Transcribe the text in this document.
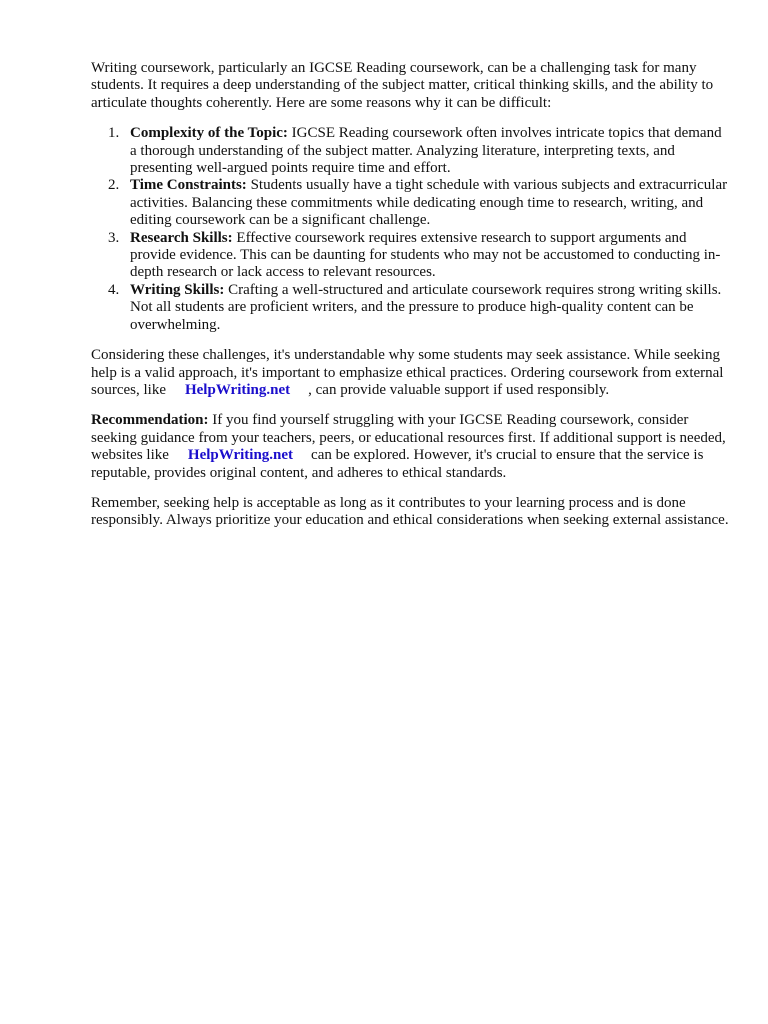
Writing coursework, particularly an IGCSE Reading coursework, can be a challenging task for many students. It requires a deep understanding of the subject matter, critical thinking skills, and the ability to articulate thoughts coherently. Here are some reasons why it can be difficult:

1. Complexity of the Topic: IGCSE Reading coursework often involves intricate topics that demand a thorough understanding of the subject matter. Analyzing literature, interpreting texts, and presenting well-argued points require time and effort.
2. Time Constraints: Students usually have a tight schedule with various subjects and extracurricular activities. Balancing these commitments while dedicating enough time to research, writing, and editing coursework can be a significant challenge.
3. Research Skills: Effective coursework requires extensive research to support arguments and provide evidence. This can be daunting for students who may not be accustomed to conducting in-depth research or lack access to relevant resources.
4. Writing Skills: Crafting a well-structured and articulate coursework requires strong writing skills. Not all students are proficient writers, and the pressure to produce high-quality content can be overwhelming.

Considering these challenges, it's understandable why some students may seek assistance. While seeking help is a valid approach, it's important to emphasize ethical practices. Ordering coursework from external sources, like HelpWriting.net , can provide valuable support if used responsibly.

Recommendation: If you find yourself struggling with your IGCSE Reading coursework, consider seeking guidance from your teachers, peers, or educational resources first. If additional support is needed, websites like HelpWriting.net can be explored. However, it's crucial to ensure that the service is reputable, provides original content, and adheres to ethical standards.

Remember, seeking help is acceptable as long as it contributes to your learning process and is done responsibly. Always prioritize your education and ethical considerations when seeking external assistance.
